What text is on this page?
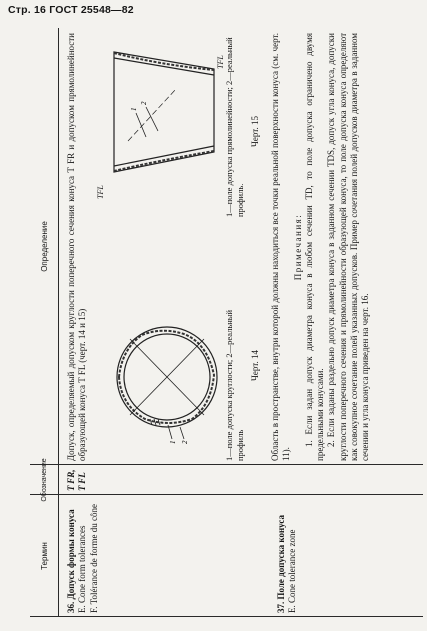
Стр. 16 ГОСТ 25548—82
Термин
Обозначение
Определение

36. Допуск формы конуса E. Cone form tolerances F. Tolérance de forme du cône

T FR, T FL
Допуск, определяемый допуском круглости поперечного сечения конуса T FR и допуском прямолинейности образующей конуса T FL (черт. 14 и 15)	1 2	1—поле допуска круглости; 2—реальный профиль
Черт. 14
1
2
TFL
TFL 1—поле допуска прямолинейности; 2—реальный профиль.
Черт. 15

37. Поле допуска конуса E. Cone tolerance zone

Область в пространстве, внутри которой должны находиться все точки реальной поверхности конуса (см. черт. 11).

Примечания: 1. Если задан допуск диаметра конуса в любом сечении TD, то поле допуска ограничено двумя предельными конусами. 2. Если заданы раздельно допуск диаметра конуса в заданном сечении TDS, допуск угла конуса, допуски круглости поперечного сечения и прямолинейности образующей конуса, то поле допуска конуса определяют как совокупное сочетание полей указанных допусков. Пример сочетания полей допусков диаметра в заданном сечении и угла конуса приведен на черт. 16.
